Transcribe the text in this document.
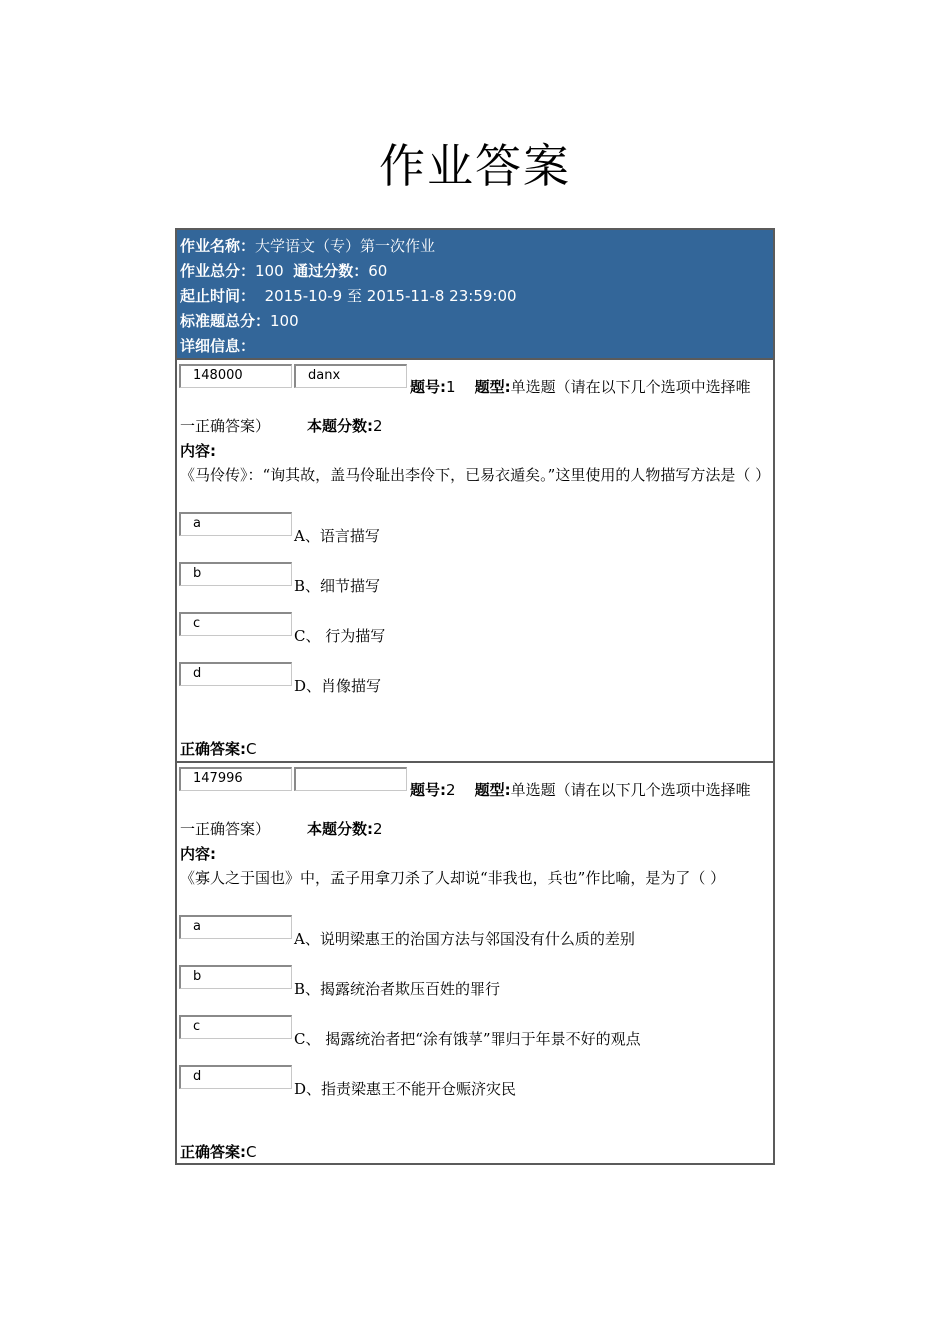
作业答案
作业名称：大学语文（专）第一次作业
作业总分：100 通过分数：60
起止时间： 2015-10-9 至 2015-11-8 23:59:00
标准题总分：100
详细信息：
148000	danx
题号:1 题型:单选题（请在以下几个选项中选择唯
一正确答案） 本题分数:2
内容:
《马伶传》：“询其故，盖马伶耻出李伶下，已易衣遁矣。”这里使用的人物描写方法是（ ）
a
A、语言描写
b
B、细节描写
c
C、 行为描写
d
D、肖像描写
正确答案:C
147996
题号:2 题型:单选题（请在以下几个选项中选择唯
一正确答案） 本题分数:2
内容:
《寡人之于国也》中，孟子用拿刀杀了人却说“非我也，兵也”作比喻，是为了（ ）
a
A、说明梁惠王的治国方法与邻国没有什么质的差别
b
B、揭露统治者欺压百姓的罪行
c
C、 揭露统治者把“涂有饿莩”罪归于年景不好的观点
d
D、指责梁惠王不能开仓赈济灾民
正确答案:C
